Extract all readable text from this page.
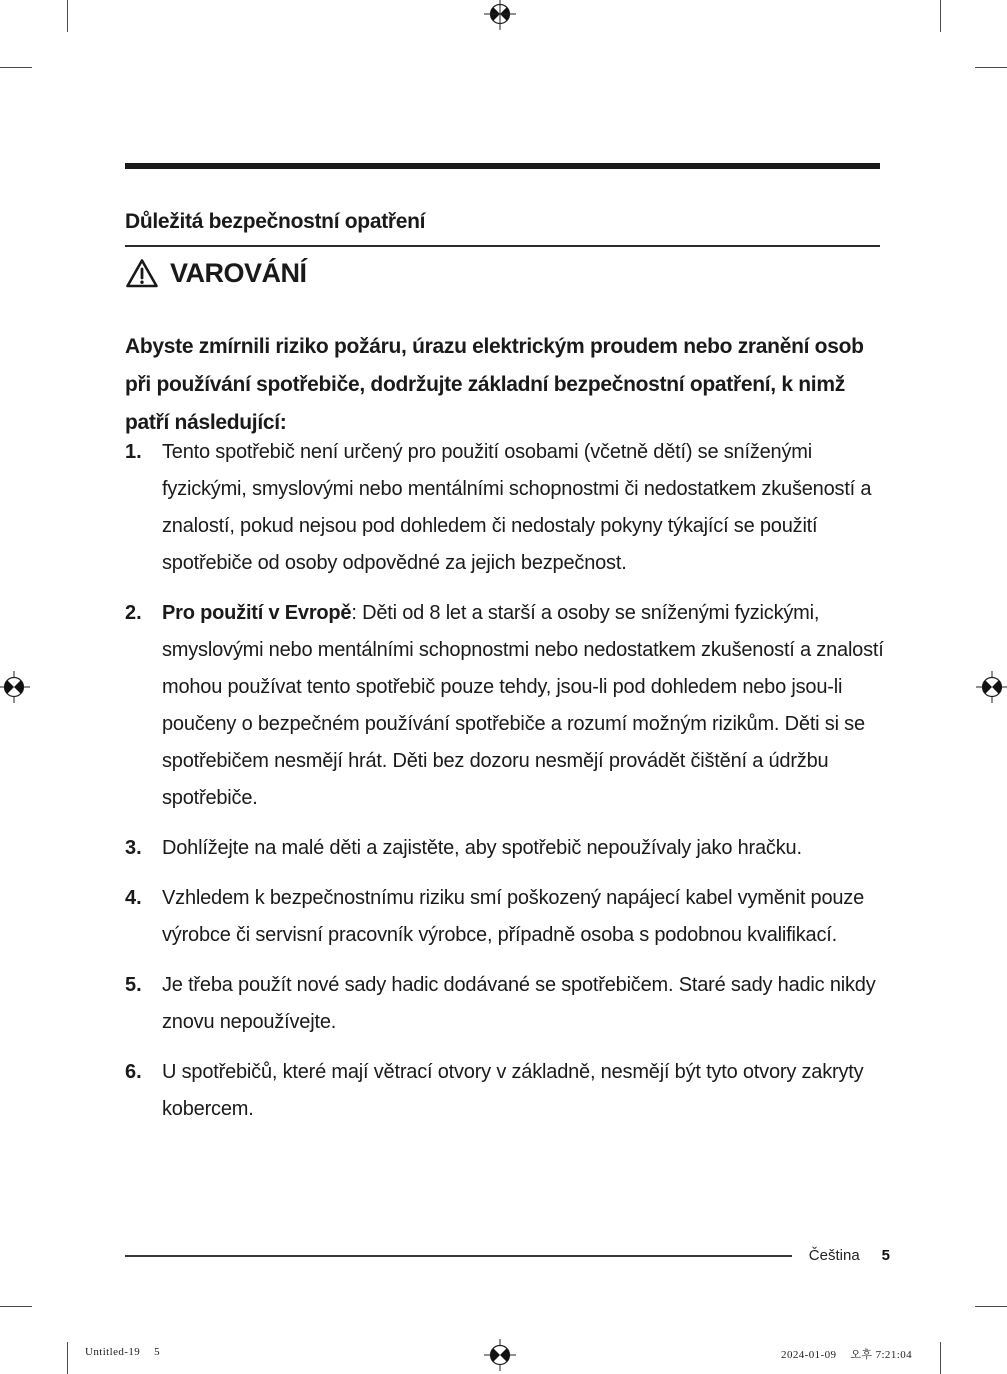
Důležitá bezpečnostní opatření
VAROVÁNÍ

Abyste zmírnili riziko požáru, úrazu elektrickým proudem nebo zranění osob při používání spotřebiče, dodržujte základní bezpečnostní opatření, k nimž patří následující:

1.	Tento spotřebič není určený pro použití osobami (včetně dětí) se sníženými fyzickými, smyslovými nebo mentálními schopnostmi či nedostatkem zkušeností a znalostí, pokud nejsou pod dohledem či nedostaly pokyny týkající se použití spotřebiče od osoby odpovědné za jejich bezpečnost.

2.	Pro použití v Evropě: Děti od 8 let a starší a osoby se sníženými fyzickými, smyslovými nebo mentálními schopnostmi nebo nedostatkem zkušeností a znalostí mohou používat tento spotřebič pouze tehdy, jsou-li pod dohledem nebo jsou-li poučeny o bezpečném používání spotřebiče a rozumí možným rizikům. Děti si se spotřebičem nesmějí hrát. Děti bez dozoru nesmějí provádět čištění a údržbu spotřebiče.

3.	Dohlížejte na malé děti a zajistěte, aby spotřebič nepoužívaly jako hračku.

4.	Vzhledem k bezpečnostnímu riziku smí poškozený napájecí kabel vyměnit pouze výrobce či servisní pracovník výrobce, případně osoba s podobnou kvalifikací.

5.	Je třeba použít nové sady hadic dodávané se spotřebičem. Staré sady hadic nikdy znovu nepoužívejte.

6.	U spotřebičů, které mají větrací otvory v základně, nesmějí být tyto otvory zakryty kobercem.

Čeština 5
Untitled-19 5	2024-01-09 오후 7:21:04
